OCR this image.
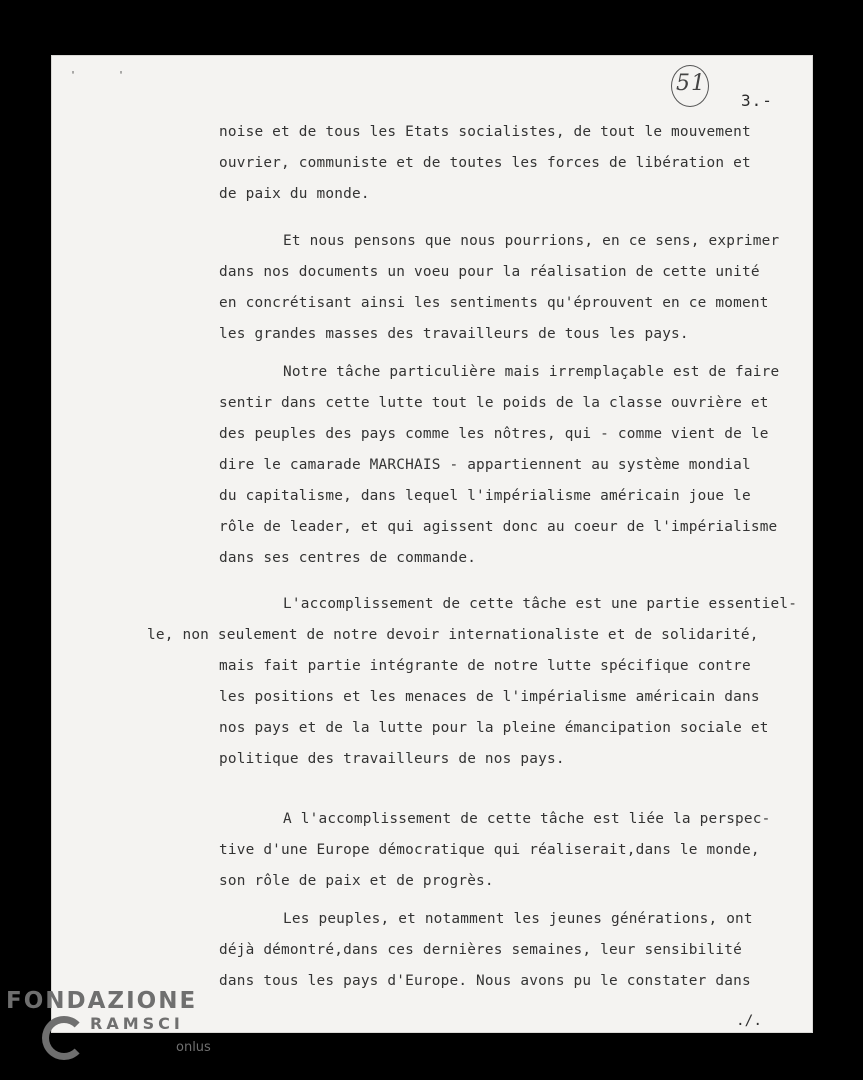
' '	51
3.-
noise et de tous les Etats socialistes, de tout le mouvement
ouvrier, communiste et de toutes les forces de libération et
de paix du monde.
Et nous pensons que nous pourrions, en ce sens, exprimer
dans nos documents un voeu pour la réalisation de cette unité
en concrétisant ainsi les sentiments qu'éprouvent en ce moment
les grandes masses des travailleurs de tous les pays.
Notre tâche particulière mais irremplaçable est de faire
sentir dans cette lutte tout le poids de la classe ouvrière et
des peuples des pays comme les nôtres, qui - comme vient de le
dire le camarade MARCHAIS - appartiennent au système mondial
du capitalisme, dans lequel l'impérialisme américain joue le
rôle de leader, et qui agissent donc au coeur de l'impérialisme
dans ses centres de commande.
L'accomplissement de cette tâche est une partie essentiel-
le, non seulement de notre devoir internationaliste et de solidarité,
mais fait partie intégrante de notre lutte spécifique contre
les positions et les menaces de l'impérialisme américain dans
nos pays et de la lutte pour la pleine émancipation sociale et
politique des travailleurs de nos pays.
A l'accomplissement de cette tâche est liée la perspec-
tive d'une Europe démocratique qui réaliserait,dans le monde,
son rôle de paix et de progrès.
Les peuples, et notamment les jeunes générations, ont
déjà démontré,dans ces dernières semaines, leur sensibilité
dans tous les pays d'Europe. Nous avons pu le constater dans
./.
FONDAZIONE
RAMSCI
onlus
